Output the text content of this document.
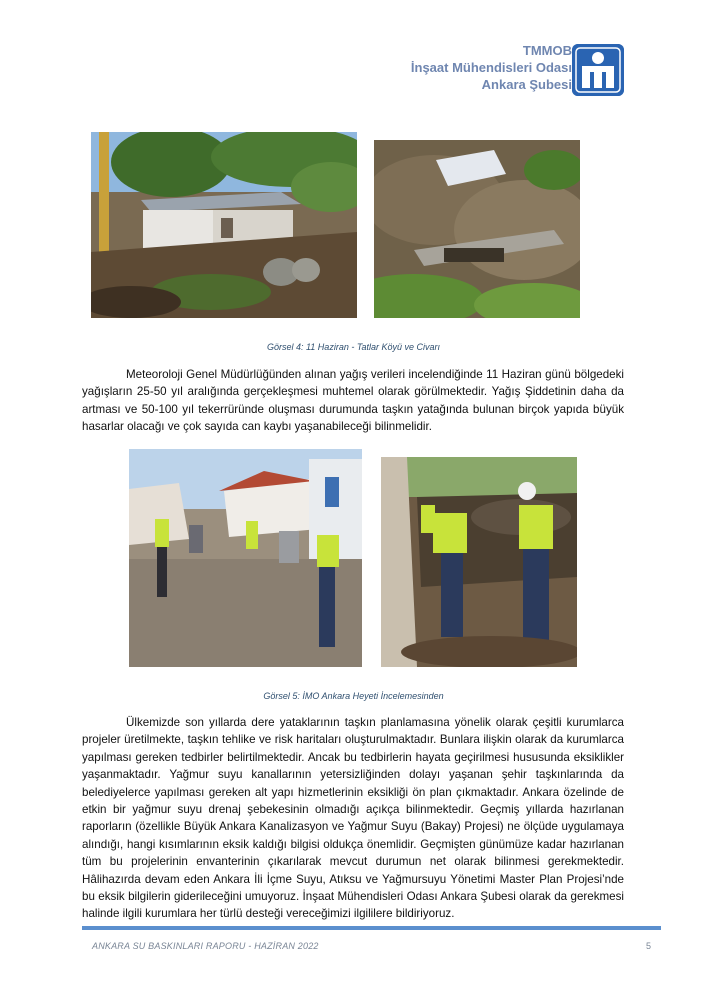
TMMOB
İnşaat Mühendisleri Odası
Ankara Şubesi
Görsel 4: 11 Haziran - Tatlar Köyü ve Civarı

Meteoroloji Genel Müdürlüğünden alınan yağış verileri incelendiğinde 11 Haziran günü bölgedeki yağışların 25-50 yıl aralığında gerçekleşmesi muhtemel olarak görülmektedir. Yağış Şiddetinin daha da artması ve 50-100 yıl tekerrüründe oluşması durumunda taşkın yatağında bulunan birçok yapıda büyük hasarlar olacağı ve çok sayıda can kaybı yaşanabileceği bilinmelidir.

Görsel 5: İMO Ankara Heyeti İncelemesinden

Ülkemizde son yıllarda dere yataklarının taşkın planlamasına yönelik olarak çeşitli kurumlarca projeler üretilmekte, taşkın tehlike ve risk haritaları oluşturulmaktadır. Bunlara ilişkin olarak da kurumlarca yapılması gereken tedbirler belirtilmektedir. Ancak bu tedbirlerin hayata geçirilmesi hususunda eksiklikler yaşanmaktadır. Yağmur suyu kanallarının yetersizliğinden dolayı yaşanan şehir taşkınlarında da belediyelerce yapılması gereken alt yapı hizmetlerinin eksikliği ön plan çıkmaktadır. Ankara özelinde de etkin bir yağmur suyu drenaj şebekesinin olmadığı açıkça bilinmektedir. Geçmiş yıllarda hazırlanan raporların (özellikle Büyük Ankara Kanalizasyon ve Yağmur Suyu (Bakay) Projesi) ne ölçüde uygulamaya alındığı, hangi kısımlarının eksik kaldığı bilgisi oldukça önemlidir. Geçmişten günümüze kadar hazırlanan tüm bu projelerinin envanterinin çıkarılarak mevcut durumun net olarak bilinmesi gerekmektedir. Hâlihazırda devam eden Ankara İli İçme Suyu, Atıksu ve Yağmursuyu Yönetimi Master Plan Projesi’nde bu eksik bilgilerin giderileceğini umuyoruz. İnşaat Mühendisleri Odası Ankara Şubesi olarak da gerekmesi halinde ilgili kurumlara her türlü desteği vereceğimizi ilgililere bildiriyoruz.

ANKARA SU BASKINLARI RAPORU - HAZİRAN 2022	5
